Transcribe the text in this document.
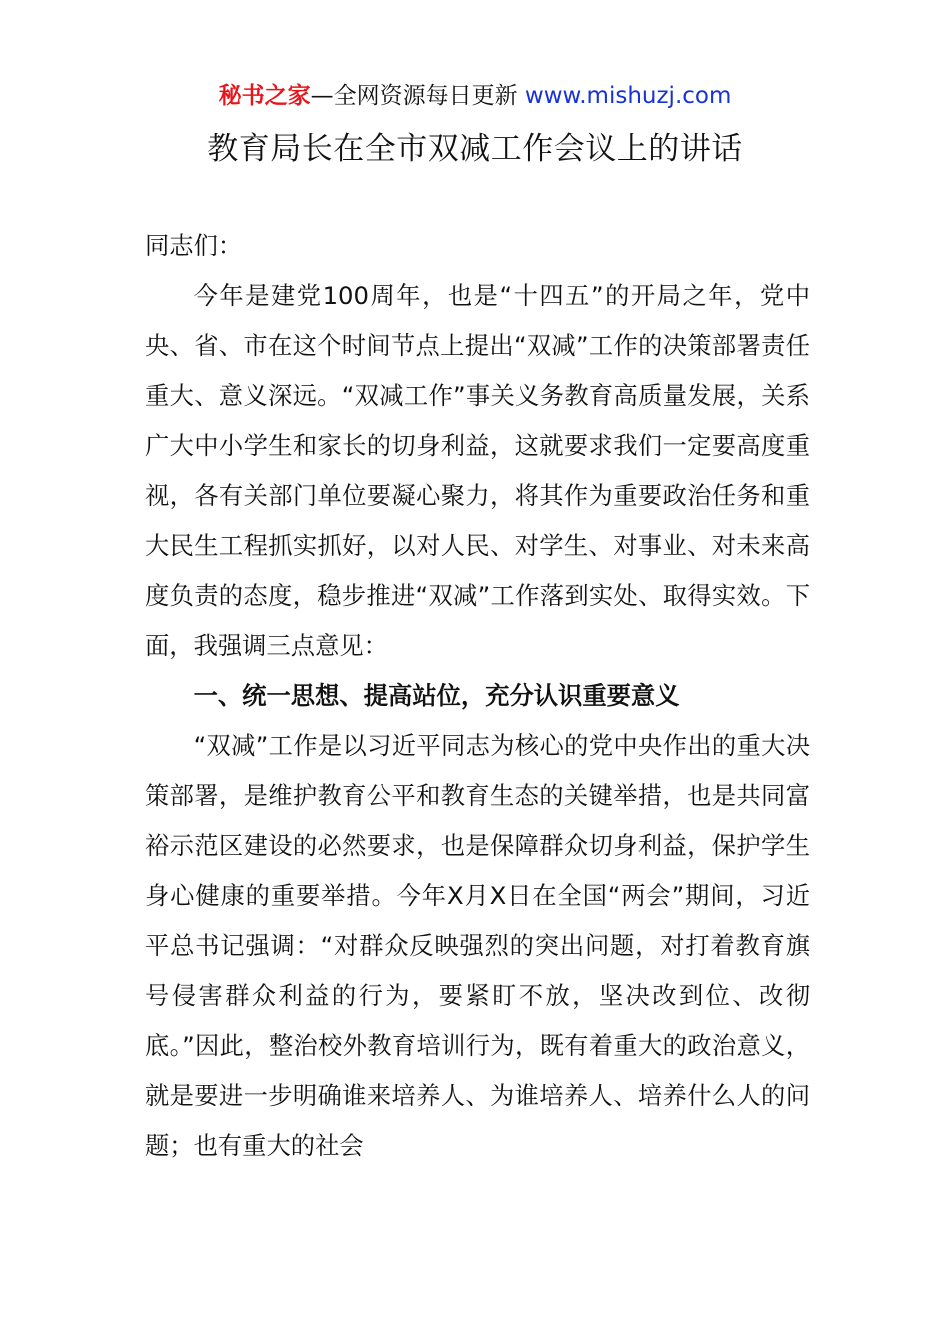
秘书之家—全网资源每日更新 www.mishuzj.com
教育局长在全市双减工作会议上的讲话

同志们：

今年是建党100周年，也是“十四五”的开局之年，党中央、省、市在这个时间节点上提出“双减”工作的决策部署责任重大、意义深远。“双减工作”事关义务教育高质量发展，关系广大中小学生和家长的切身利益，这就要求我们一定要高度重视，各有关部门单位要凝心聚力，将其作为重要政治任务和重大民生工程抓实抓好，以对人民、对学生、对事业、对未来高度负责的态度，稳步推进“双减”工作落到实处、取得实效。下面，我强调三点意见：

一、统一思想、提高站位，充分认识重要意义

“双减”工作是以习近平同志为核心的党中央作出的重大决策部署，是维护教育公平和教育生态的关键举措，也是共同富裕示范区建设的必然要求，也是保障群众切身利益，保护学生身心健康的重要举措。今年X月X日在全国“两会”期间，习近平总书记强调：“对群众反映强烈的突出问题，对打着教育旗号侵害群众利益的行为，要紧盯不放，坚决改到位、改彻底。”因此，整治校外教育培训行为，既有着重大的政治意义，就是要进一步明确谁来培养人、为谁培养人、培养什么人的问题；也有重大的社会
